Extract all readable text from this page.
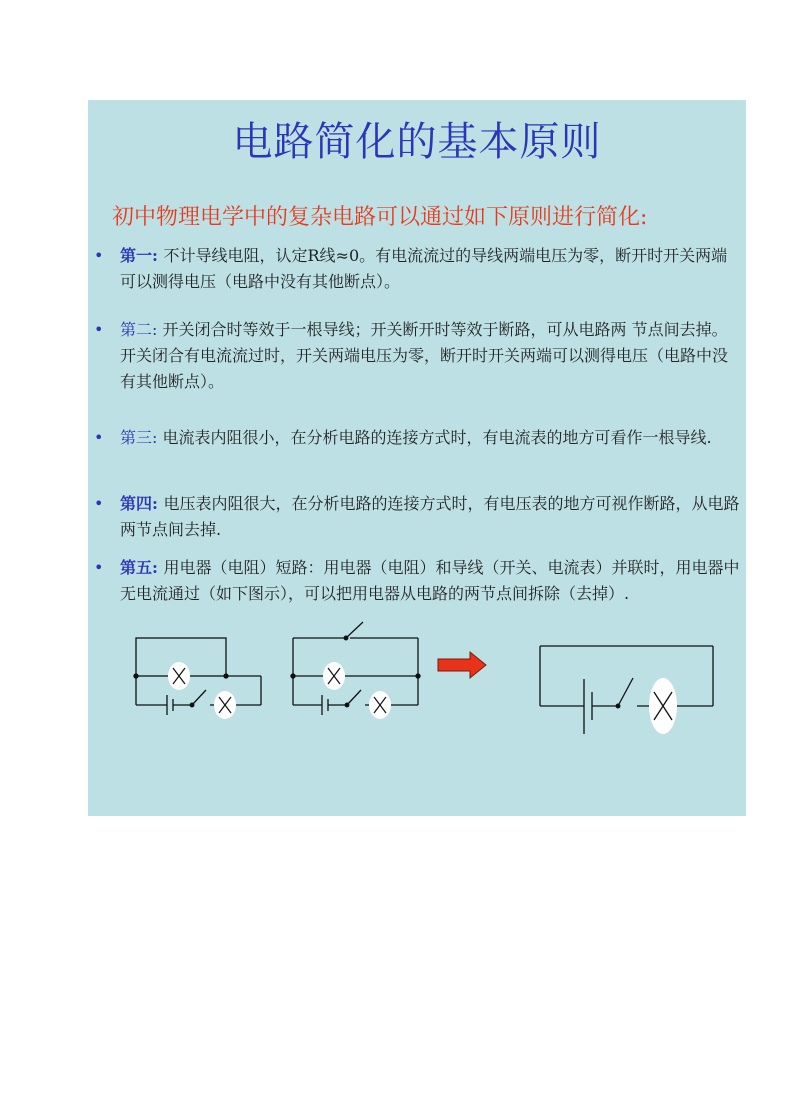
电路简化的基本原则
初中物理电学中的复杂电路可以通过如下原则进行简化:
• 第一: 不计导线电阻，认定R线≈0。有电流流过的导线两端电压为零，断开时开关两端可以测得电压（电路中没有其他断点）。
• 第二: 开关闭合时等效于一根导线；开关断开时等效于断路，可从电路两 节点间去掉。开关闭合有电流流过时，开关两端电压为零，断开时开关两端可以测得电压（电路中没有其他断点）。
• 第三: 电流表内阻很小，在分析电路的连接方式时，有电流表的地方可看作一根导线.
• 第四: 电压表内阻很大，在分析电路的连接方式时，有电压表的地方可视作断路，从电路两节点间去掉.
• 第五: 用电器（电阻）短路：用电器（电阻）和导线（开关、电流表）并联时，用电器中无电流通过（如下图示），可以把用电器从电路的两节点间拆除（去掉）.
